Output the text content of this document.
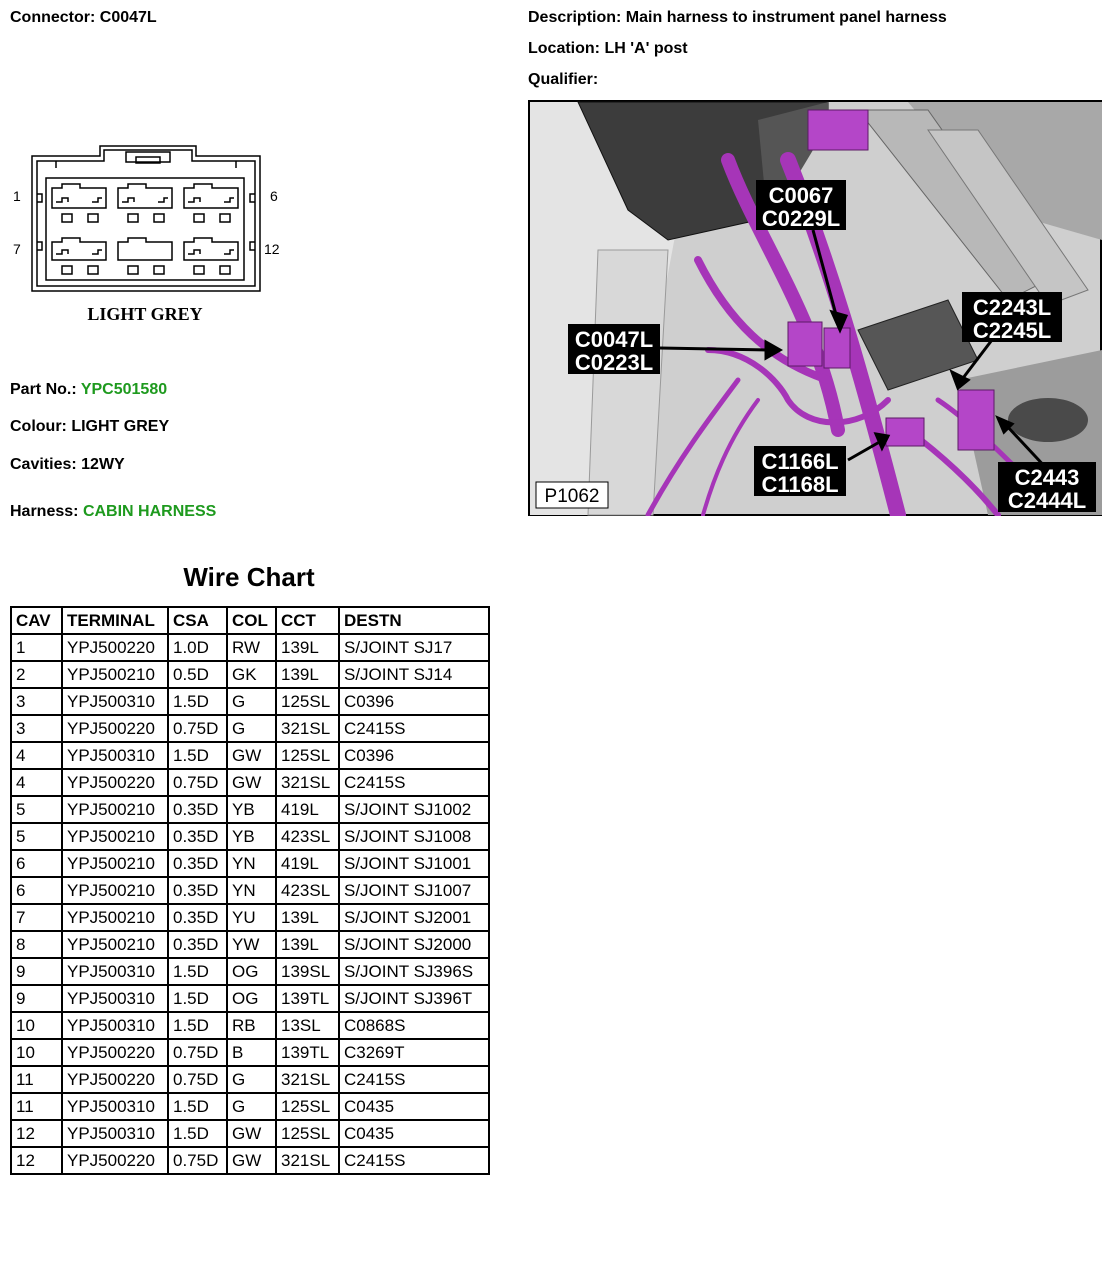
Connector: C0047L	Description: Main harness to instrument panel harness
Location: LH 'A' post
Qualifier:
1	6
7	12
LIGHT GREY
Part No.: YPC501580
Colour: LIGHT GREY
Cavities: 12WY
Harness: CABIN HARNESS
C0067
C0229L
C0047L
C0223L
C2243L
C2245L
C1166L
C1168L	C2443
C2444L
P1062
Wire Chart
CAV	TERMINAL	CSA	COL	CCT	DESTN
1	YPJ500220	1.0D	RW	139L	S/JOINT SJ17
2	YPJ500210	0.5D	GK	139L	S/JOINT SJ14
3	YPJ500310	1.5D	G	125SL	C0396
3	YPJ500220	0.75D	G	321SL	C2415S
4	YPJ500310	1.5D	GW	125SL	C0396
4	YPJ500220	0.75D	GW	321SL	C2415S
5	YPJ500210	0.35D	YB	419L	S/JOINT SJ1002
5	YPJ500210	0.35D	YB	423SL	S/JOINT SJ1008
6	YPJ500210	0.35D	YN	419L	S/JOINT SJ1001
6	YPJ500210	0.35D	YN	423SL	S/JOINT SJ1007
7	YPJ500210	0.35D	YU	139L	S/JOINT SJ2001
8	YPJ500210	0.35D	YW	139L	S/JOINT SJ2000
9	YPJ500310	1.5D	OG	139SL	S/JOINT SJ396S
9	YPJ500310	1.5D	OG	139TL	S/JOINT SJ396T
10	YPJ500310	1.5D	RB	13SL	C0868S
10	YPJ500220	0.75D	B	139TL	C3269T
11	YPJ500220	0.75D	G	321SL	C2415S
11	YPJ500310	1.5D	G	125SL	C0435
12	YPJ500310	1.5D	GW	125SL	C0435
12	YPJ500220	0.75D	GW	321SL	C2415S
